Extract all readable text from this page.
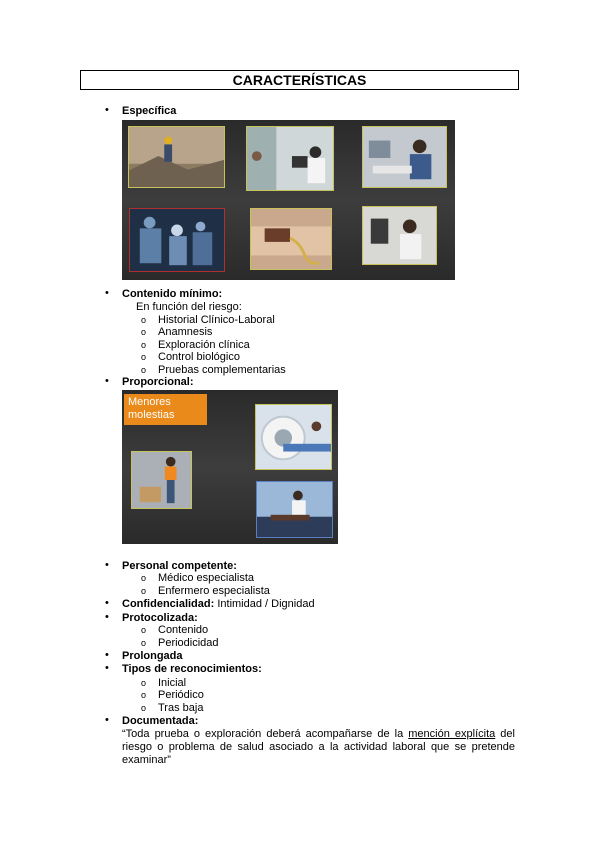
CARACTERÍSTICAS
• Específica
• Contenido mínimo:
En función del riesgo:
o Historial Clínico-Laboral
o Anamnesis
o Exploración clínica
o Control biológico
o Pruebas complementarias
• Proporcional:
Menores
molestias
• Personal competente:
o Médico especialista
o Enfermero especialista
• Confidencialidad: Intimidad / Dignidad
• Protocolizada:
o Contenido
o Periodicidad
• Prolongada
• Tipos de reconocimientos:
o Inicial
o Periódico
o Tras baja
• Documentada:
“Toda prueba o exploración deberá acompañarse de la mención explícita del riesgo o problema de salud asociado a la actividad laboral que se pretende examinar”
